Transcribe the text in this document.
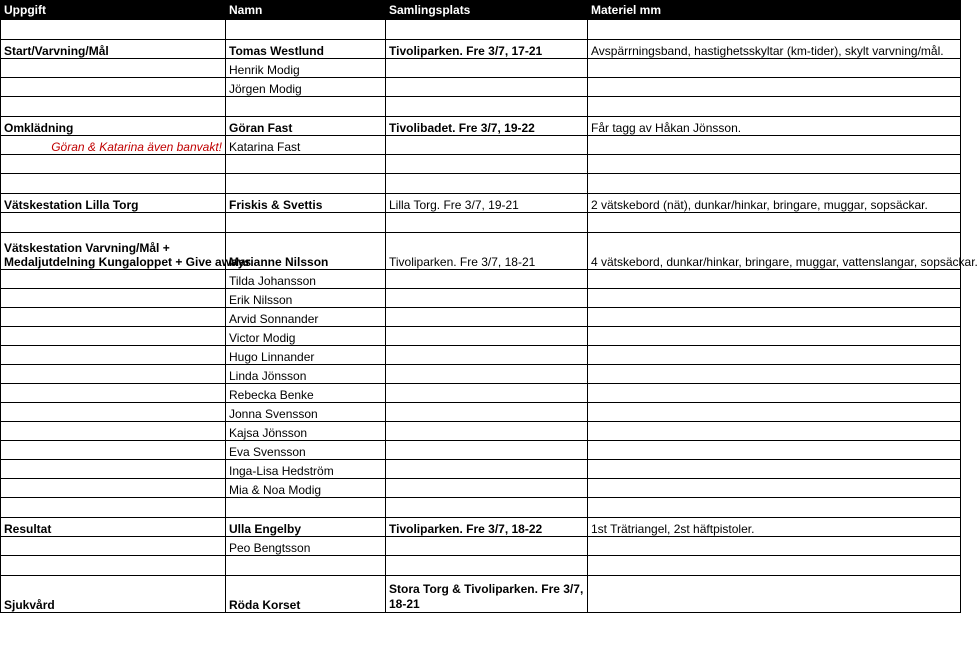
Uppgift	Namn	Samlingsplats	Materiel mm

Start/Varvning/Mål	Tomas Westlund	Tivoliparken. Fre 3/7, 17-21	Avspärrningsband, hastighetsskyltar (km-tider), skylt varvning/mål.
	Henrik Modig		
	Jörgen Modig		

Omklädning	Göran Fast	Tivolibadet. Fre 3/7, 19-22	Får tagg av Håkan Jönsson.
Göran & Katarina även banvakt!	Katarina Fast		

Vätskestation Lilla Torg	Friskis & Svettis	Lilla Torg. Fre 3/7, 19-21	2 vätskebord (nät), dunkar/hinkar, bringare, muggar, sopsäckar.

Vätskestation Varvning/Mål +
Medaljutdelning Kungaloppet + Give aways	Marianne Nilsson	Tivoliparken. Fre 3/7, 18-21	4 vätskebord, dunkar/hinkar, bringare, muggar, vattenslangar, sopsäckar.
	Tilda Johansson		
	Erik Nilsson		
	Arvid Sonnander		
	Victor Modig		
	Hugo Linnander		
	Linda Jönsson		
	Rebecka Benke		
	Jonna Svensson		
	Kajsa Jönsson		
	Eva Svensson		
	Inga-Lisa Hedström		
	Mia & Noa Modig		

Resultat	Ulla Engelby	Tivoliparken. Fre 3/7, 18-22	1st Trätriangel, 2st häftpistoler.
	Peo Bengtsson		

Sjukvård	Röda Korset	Stora Torg & Tivoliparken. Fre 3/7, 18-21	
